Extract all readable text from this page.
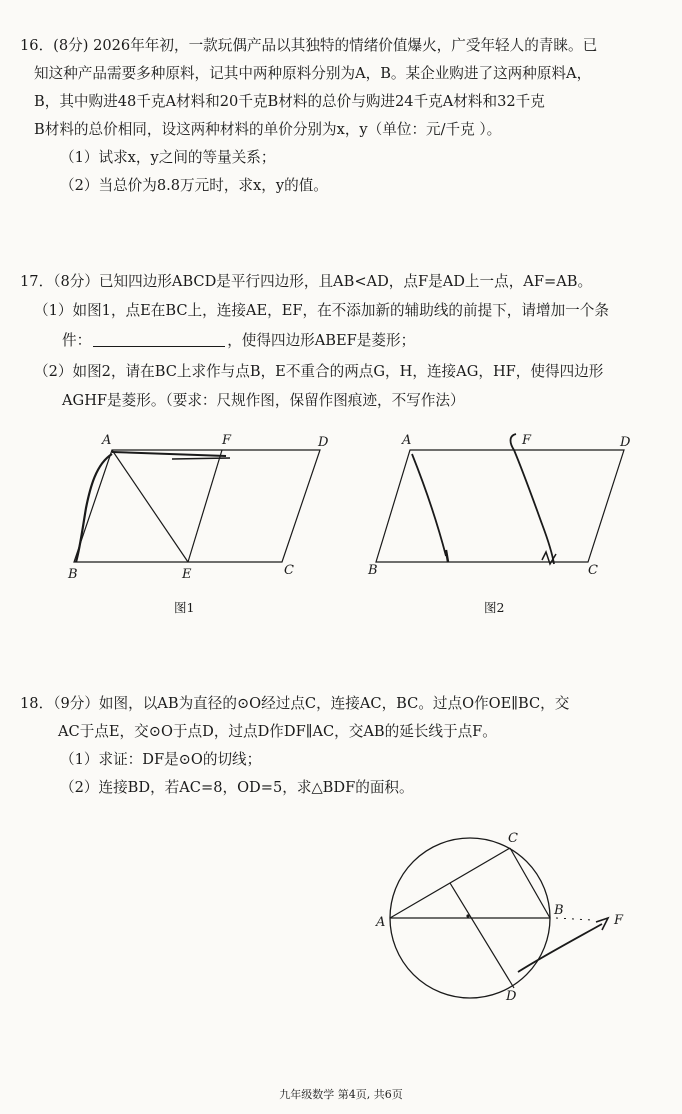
16．(8分) 2026年年初，一款玩偶产品以其独特的情绪价值爆火，广受年轻人的青睐。已
知这种产品需要多种原料，记其中两种原料分别为A，B。某企业购进了这两种原料A，
B，其中购进48千克A材料和20千克B材料的总价与购进24千克A材料和32千克
B材料的总价相同，设这两种材料的单价分别为x，y（单位：元/千克 ）。
（1）试求x，y之间的等量关系；
（2）当总价为8.8万元时，求x，y的值。
17．（8分）已知四边形ABCD是平行四边形，且AB<AD，点F是AD上一点，AF=AB。
（1）如图1，点E在BC上，连接AE，EF，在不添加新的辅助线的前提下，请增加一个条
件：	，使得四边形ABEF是菱形；
（2）如图2，请在BC上求作与点B，E不重合的两点G，H，连接AG，HF，使得四边形
AGHF是菱形。（要求：尺规作图，保留作图痕迹，不写作法）
A	F	D
B	E	C
图1
A	F	D
B	C
图2
18．（9分）如图，以AB为直径的⊙O经过点C，连接AC，BC。过点O作OE∥BC，交
AC于点E，交⊙O于点D，过点D作DF∥AC，交AB的延长线于点F。
（1）求证：DF是⊙O的切线；
（2）连接BD，若AC=8，OD=5，求△BDF的面积。
A
B
C
D
F
九年级数学 第4页, 共6页
